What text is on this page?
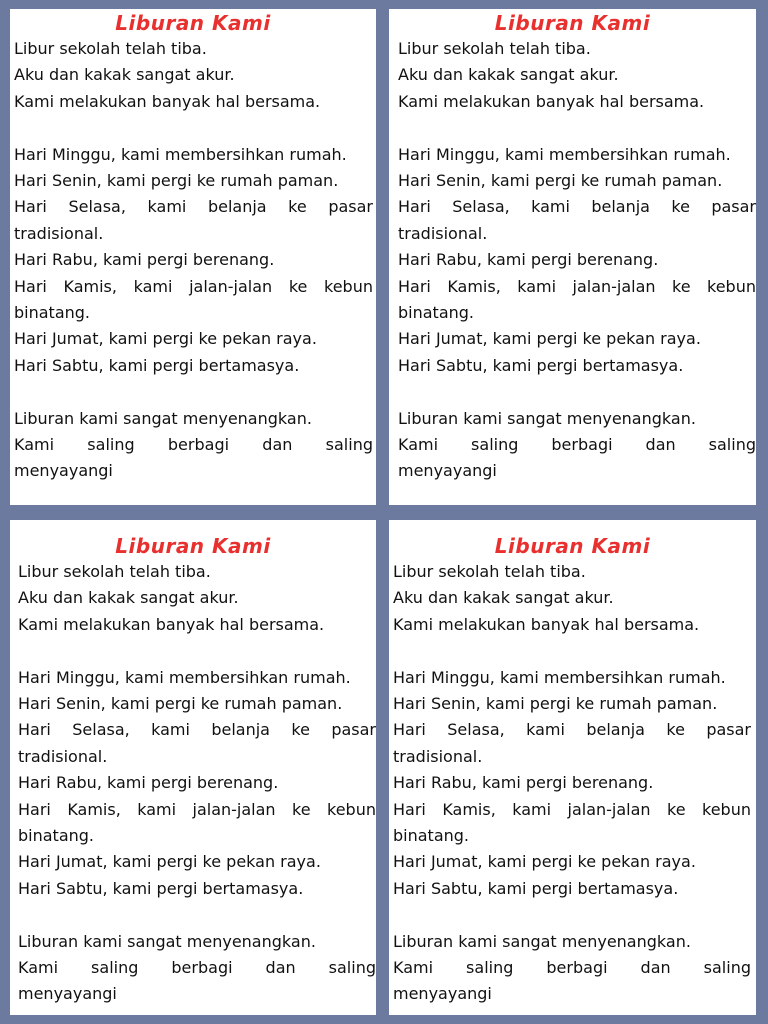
Liburan Kami
Libur sekolah telah tiba.
Aku dan kakak sangat akur.
Kami melakukan banyak hal bersama.
Hari Minggu, kami membersihkan rumah.
Hari Senin, kami pergi ke rumah paman.
Hari Selasa, kami belanja ke pasar
tradisional.
Hari Rabu, kami pergi berenang.
Hari Kamis, kami jalan-jalan ke kebun
binatang.
Hari Jumat, kami pergi ke pekan raya.
Hari Sabtu, kami pergi bertamasya.
Liburan kami sangat menyenangkan.
Kami saling berbagi dan saling
menyayangi
Liburan Kami
Libur sekolah telah tiba.
Aku dan kakak sangat akur.
Kami melakukan banyak hal bersama.
Hari Minggu, kami membersihkan rumah.
Hari Senin, kami pergi ke rumah paman.
Hari Selasa, kami belanja ke pasar
tradisional.
Hari Rabu, kami pergi berenang.
Hari Kamis, kami jalan-jalan ke kebun
binatang.
Hari Jumat, kami pergi ke pekan raya.
Hari Sabtu, kami pergi bertamasya.
Liburan kami sangat menyenangkan.
Kami saling berbagi dan saling
menyayangi
Liburan Kami
Libur sekolah telah tiba.
Aku dan kakak sangat akur.
Kami melakukan banyak hal bersama.
Hari Minggu, kami membersihkan rumah.
Hari Senin, kami pergi ke rumah paman.
Hari Selasa, kami belanja ke pasar
tradisional.
Hari Rabu, kami pergi berenang.
Hari Kamis, kami jalan-jalan ke kebun
binatang.
Hari Jumat, kami pergi ke pekan raya.
Hari Sabtu, kami pergi bertamasya.
Liburan kami sangat menyenangkan.
Kami saling berbagi dan saling
menyayangi
Liburan Kami
Libur sekolah telah tiba.
Aku dan kakak sangat akur.
Kami melakukan banyak hal bersama.
Hari Minggu, kami membersihkan rumah.
Hari Senin, kami pergi ke rumah paman.
Hari Selasa, kami belanja ke pasar
tradisional.
Hari Rabu, kami pergi berenang.
Hari Kamis, kami jalan-jalan ke kebun
binatang.
Hari Jumat, kami pergi ke pekan raya.
Hari Sabtu, kami pergi bertamasya.
Liburan kami sangat menyenangkan.
Kami saling berbagi dan saling
menyayangi
